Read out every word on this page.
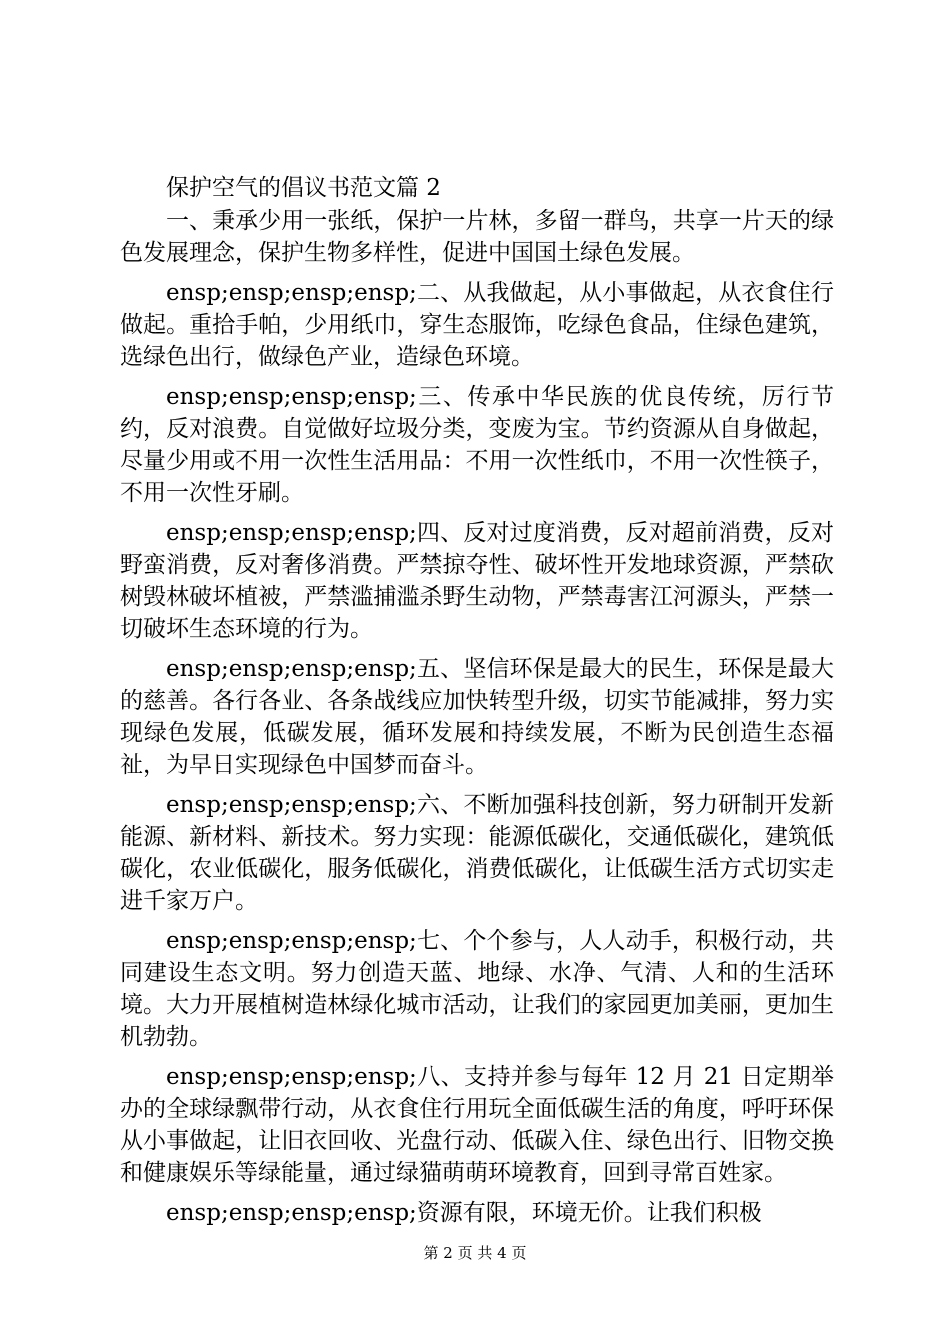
保护空气的倡议书范文篇 2

一、秉承少用一张纸，保护一片林，多留一群鸟，共享一片天的绿色发展理念，保护生物多样性，促进中国国土绿色发展。

ensp;ensp;ensp;ensp;二、从我做起，从小事做起，从衣食住行做起。重拾手帕，少用纸巾，穿生态服饰，吃绿色食品，住绿色建筑，选绿色出行，做绿色产业，造绿色环境。

ensp;ensp;ensp;ensp;三、传承中华民族的优良传统，厉行节约，反对浪费。自觉做好垃圾分类，变废为宝。节约资源从自身做起，尽量少用或不用一次性生活用品：不用一次性纸巾，不用一次性筷子，不用一次性牙刷。

ensp;ensp;ensp;ensp;四、反对过度消费，反对超前消费，反对野蛮消费，反对奢侈消费。严禁掠夺性、破坏性开发地球资源，严禁砍树毁林破坏植被，严禁滥捕滥杀野生动物，严禁毒害江河源头，严禁一切破坏生态环境的行为。

ensp;ensp;ensp;ensp;五、坚信环保是最大的民生，环保是最大的慈善。各行各业、各条战线应加快转型升级，切实节能减排，努力实现绿色发展，低碳发展，循环发展和持续发展，不断为民创造生态福祉，为早日实现绿色中国梦而奋斗。

ensp;ensp;ensp;ensp;六、不断加强科技创新，努力研制开发新能源、新材料、新技术。努力实现：能源低碳化，交通低碳化，建筑低碳化，农业低碳化，服务低碳化，消费低碳化，让低碳生活方式切实走进千家万户。

ensp;ensp;ensp;ensp;七、个个参与，人人动手，积极行动，共同建设生态文明。努力创造天蓝、地绿、水净、气清、人和的生活环境。大力开展植树造林绿化城市活动，让我们的家园更加美丽，更加生机勃勃。

ensp;ensp;ensp;ensp;八、支持并参与每年 12 月 21 日定期举办的全球绿飘带行动，从衣食住行用玩全面低碳生活的角度，呼吁环保从小事做起，让旧衣回收、光盘行动、低碳入住、绿色出行、旧物交换和健康娱乐等绿能量，通过绿猫萌萌环境教育，回到寻常百姓家。

ensp;ensp;ensp;ensp;资源有限，环境无价。让我们积极

第 2 页 共 4 页
